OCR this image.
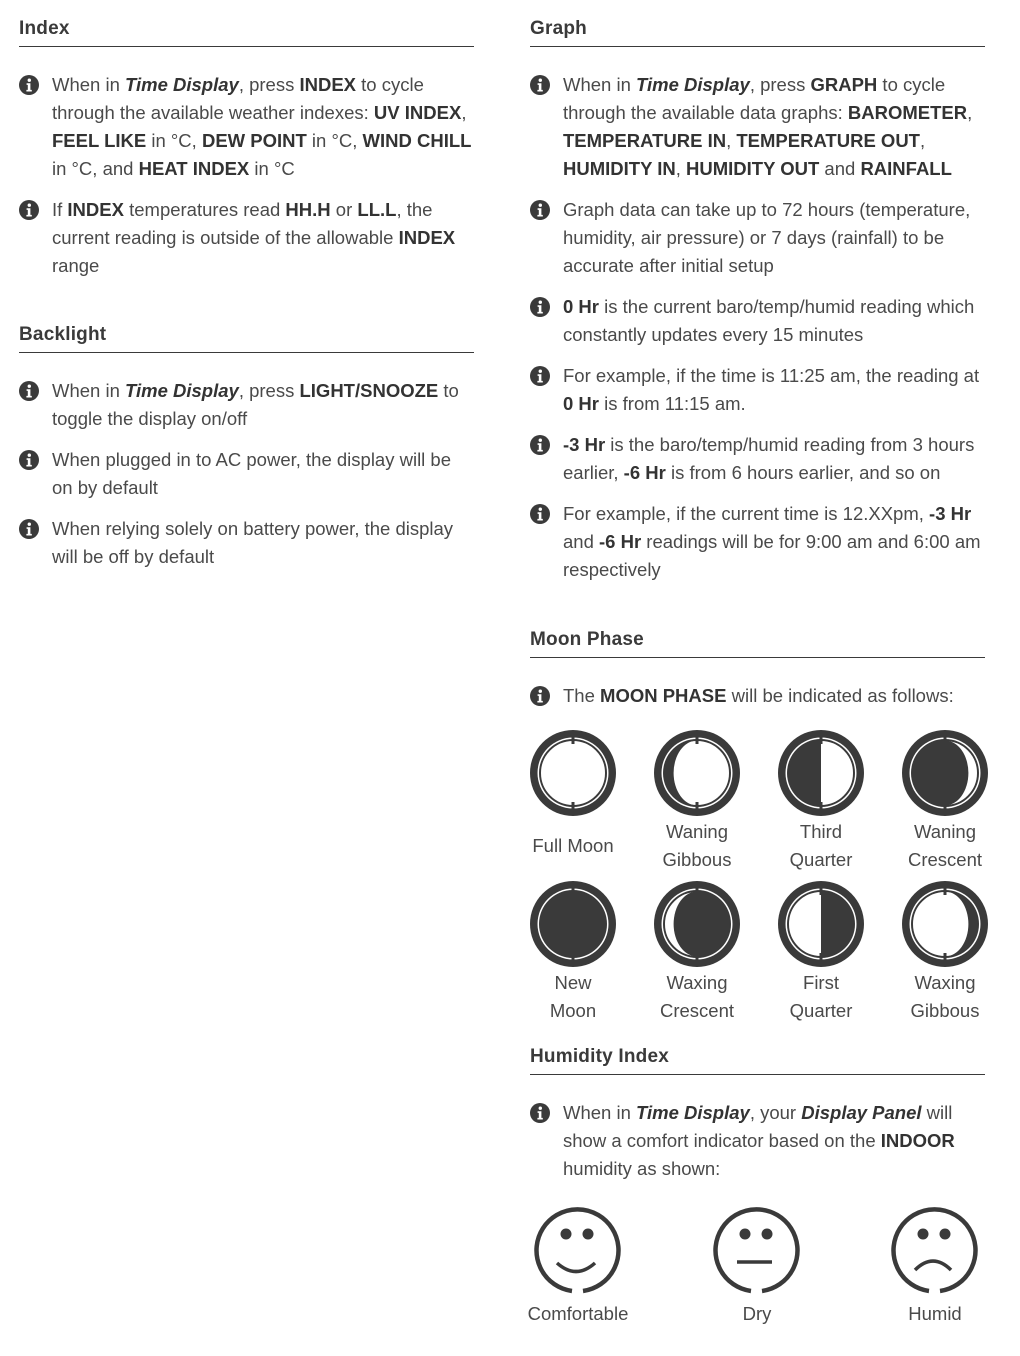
Index
When in Time Display, press INDEX to cycle through the available weather indexes: UV INDEX, FEEL LIKE in °C, DEW POINT in °C, WIND CHILL in °C, and HEAT INDEX in °C
If INDEX temperatures read HH.H or LL.L, the current reading is outside of the allowable INDEX range
Backlight
When in Time Display, press LIGHT/SNOOZE to toggle the display on/off
When plugged in to AC power, the display will be on by default
When relying solely on battery power, the display will be off by default
Graph
When in Time Display, press GRAPH to cycle through the available data graphs: BAROMETER, TEMPERATURE IN, TEMPERATURE OUT, HUMIDITY IN, HUMIDITY OUT and RAINFALL
Graph data can take up to 72 hours (temperature, humidity, air pressure) or 7 days (rainfall) to be accurate after initial setup
0 Hr is the current baro/temp/humid reading which constantly updates every 15 minutes
For example, if the time is 11:25 am, the reading at 0 Hr is from 11:15 am.
-3 Hr is the baro/temp/humid reading from 3 hours earlier, -6 Hr is from 6 hours earlier, and so on
For example, if the current time is 12.XXpm, -3 Hr and -6 Hr readings will be for 9:00 am and 6:00 am respectively
Moon Phase
The MOON PHASE will be indicated as follows:
Full Moon
Waning Gibbous
Third Quarter
Waning Crescent
New Moon
Waxing Crescent
First Quarter
Waxing Gibbous
Humidity Index
When in Time Display, your Display Panel will show a comfort indicator based on the INDOOR humidity as shown:
Comfortable	Dry	Humid
